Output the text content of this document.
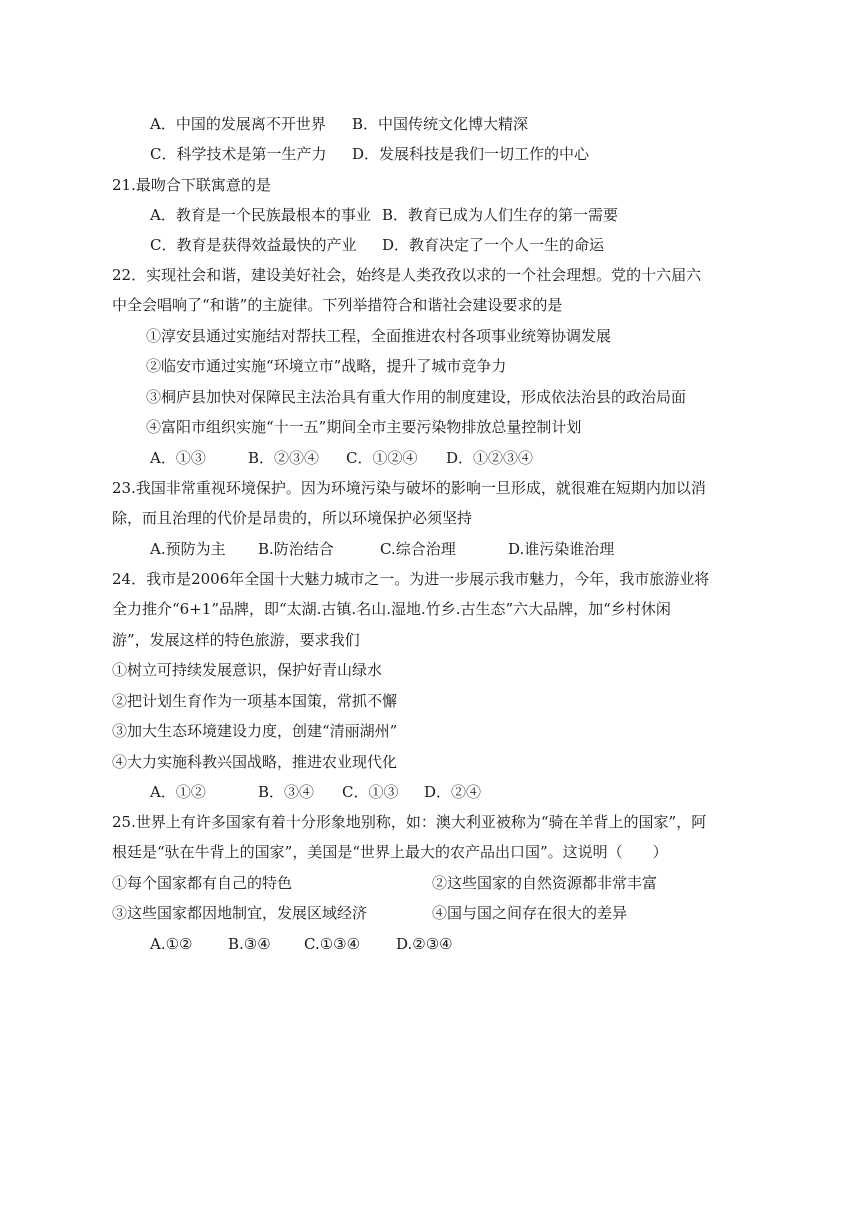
A．中国的发展离不开世界 B．中国传统文化博大精深
C．科学技术是第一生产力 D．发展科技是我们一切工作的中心
21.最吻合下联寓意的是
A．教育是一个民族最根本的事业 B．教育已成为人们生存的第一需要
C．教育是获得效益最快的产业 D．教育决定了一个人一生的命运
22．实现社会和谐，建设美好社会，始终是人类孜孜以求的一个社会理想。党的十六届六
中全会唱响了“和谐”的主旋律。下列举措符合和谐社会建设要求的是
①淳安县通过实施结对帮扶工程，全面推进农村各项事业统筹协调发展
②临安市通过实施“环境立市”战略，提升了城市竞争力
③桐庐县加快对保障民主法治具有重大作用的制度建设，形成依法治县的政治局面
④富阳市组织实施“十一五”期间全市主要污染物排放总量控制计划
A．①③	B．②③④ C．①②④ D．①②③④
23.我国非常重视环境保护。因为环境污染与破坏的影响一旦形成，就很难在短期内加以消
除，而且治理的代价是昂贵的，所以环境保护必须坚持
A.预防为主 B.防治结合	C.综合治理	D.谁污染谁治理
24．我市是2006年全国十大魅力城市之一。为进一步展示我市魅力，今年，我市旅游业将
全力推介“6+1”品牌，即“太湖.古镇.名山.湿地.竹乡.古生态”六大品牌，加“乡村休闲
游”，发展这样的特色旅游，要求我们
①树立可持续发展意识，保护好青山绿水
②把计划生育作为一项基本国策，常抓不懈
③加大生态环境建设力度，创建“清丽湖州”
④大力实施科教兴国战略，推进农业现代化
A．①②	B．③④ C．①③ D．②④
25.世界上有许多国家有着十分形象地别称，如：澳大利亚被称为“骑在羊背上的国家”，阿
根廷是“驮在牛背上的国家”，美国是“世界上最大的农产品出口国”。这说明（　　）
①每个国家都有自己的特色	②这些国家的自然资源都非常丰富
③这些国家都因地制宜，发展区域经济	④国与国之间存在很大的差异
A.①② B.③④ C.①③④ D.②③④
